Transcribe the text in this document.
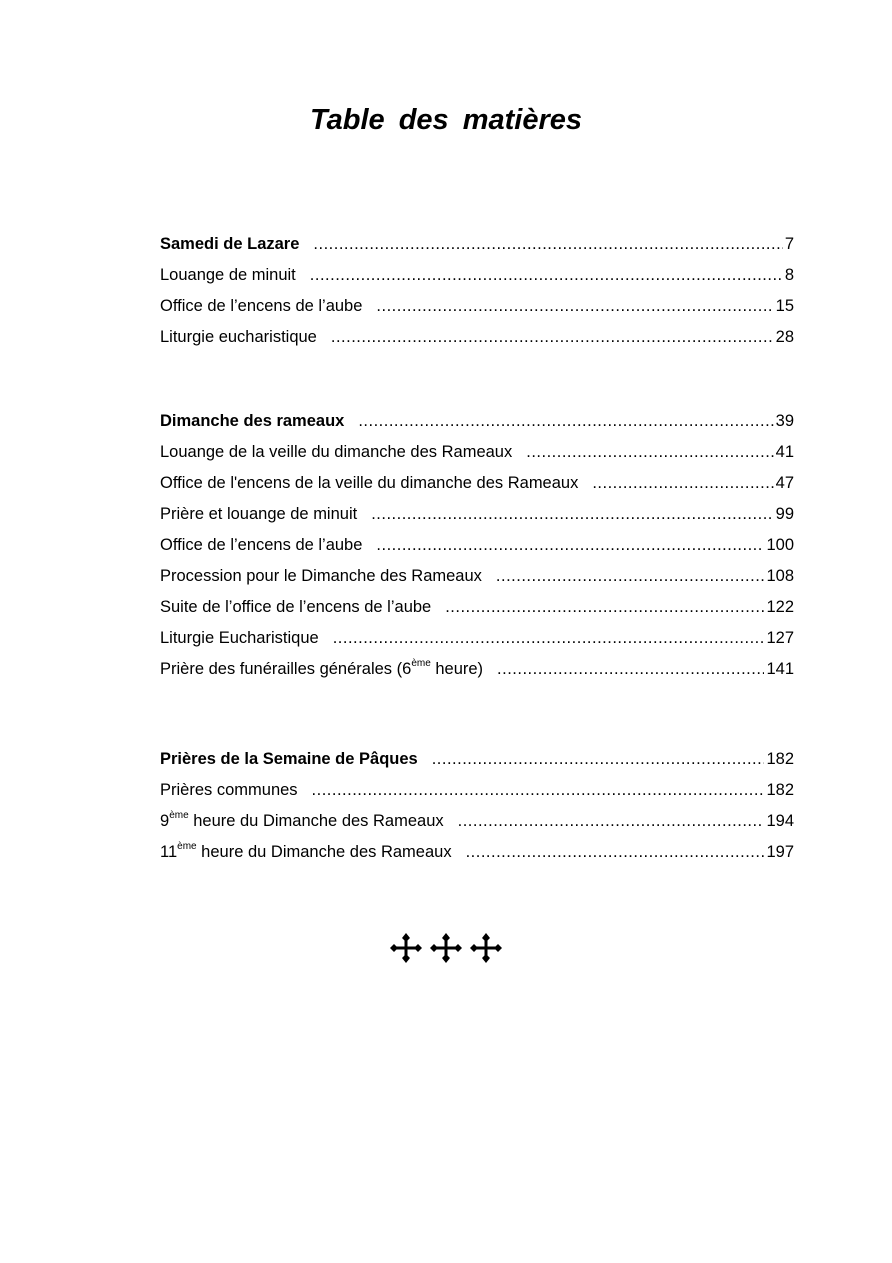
Table des matières
Samedi de Lazare .....	7
Louange de minuit .....	8
Office de l’encens de l’aube .....	15
Liturgie eucharistique .....	28
Dimanche des rameaux .....	39
Louange de la veille du dimanche des Rameaux .....	41
Office de l'encens de la veille du dimanche des Rameaux .....	47
Prière et louange de minuit .....	99
Office de l’encens de l’aube .....	100
Procession pour le Dimanche des Rameaux .....	108
Suite de l’office de l’encens de l’aube .....	122
Liturgie Eucharistique .....	127
Prière des funérailles générales (6ème heure) .....	141
Prières de la Semaine de Pâques .....	182
Prières communes .....	182
9ème heure du Dimanche des Rameaux .....	194
11ème heure du Dimanche des Rameaux .....	197
